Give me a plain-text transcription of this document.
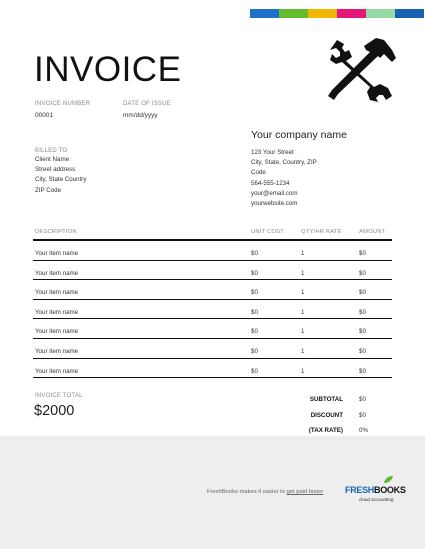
INVOICE
INVOICE NUMBER
00001
DATE OF ISSUE
mm/dd/yyyy
Your company name
123 Your Street
City, State, Country, ZIP
Code
564-555-1234
your@email.com
yourwebsite.com
BILLED TO
Client Name
Street address
City, State Country
ZIP Code
DESCRIPTION	UNIT COST	QTY/HR RATE	AMOUNT
Your item name	$0	1	$0
Your item name	$0	1	$0
Your item name	$0	1	$0
Your item name	$0	1	$0
Your item name	$0	1	$0
Your item name	$0	1	$0
Your item name	$0	1	$0
INVOICE TOTAL
$2000
SUBTOTAL	$0
DISCOUNT	$0
(TAX RATE)	0%
FreshBooks makes it easier to get paid faster FRESHBOOKS
cloud accounting
